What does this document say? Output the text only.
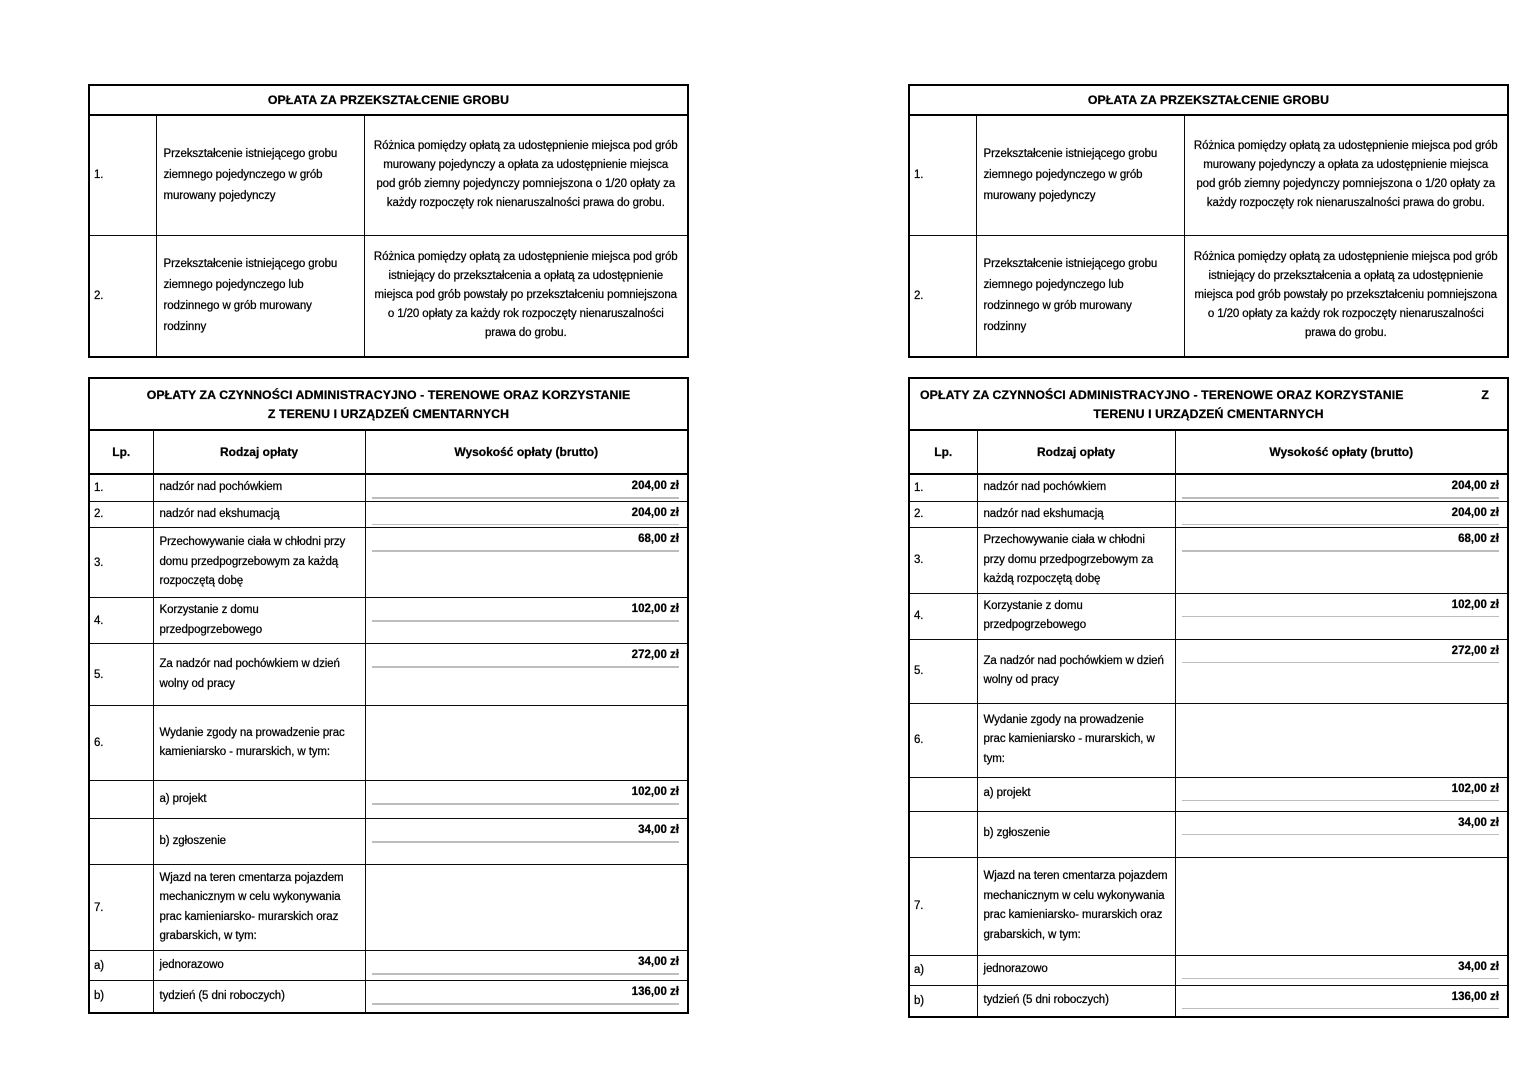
OPŁATA ZA PRZEKSZTAŁCENIE GROBU		
1.	Przekształcenie istniejącego grobu ziemnego pojedynczego w grób murowany pojedynczy	Różnica pomiędzy opłatą za udostępnienie miejsca pod grób murowany pojedynczy a opłata za udostępnienie miejsca pod grób ziemny pojedynczy pomniejszona o 1/20 opłaty za każdy rozpoczęty rok nienaruszalności prawa do grobu.
2.	Przekształcenie istniejącego grobu ziemnego pojedynczego lub rodzinnego w grób murowany rodzinny	Różnica pomiędzy opłatą za udostępnienie miejsca pod grób istniejący do przekształcenia a opłatą za udostępnienie miejsca pod grób powstały po przekształceniu pomniejszona o 1/20 opłaty za każdy rok rozpoczęty nienaruszalności prawa do grobu.
OPŁATY ZA CZYNNOŚCI ADMINISTRACYJNO - TERENOWE ORAZ KORZYSTANIE
Z TERENU I URZĄDZEŃ CMENTARNYCH		

Lp.	Rodzaj opłaty	Wysokość opłaty (brutto)
1.	nadzór nad pochówkiem	204,00 zł
2.	nadzór nad ekshumacją	204,00 zł
3.	Przechowywanie ciała w chłodni przy domu przedpogrzebowym za każdą rozpoczętą dobę	68,00 zł
4.	Korzystanie z domu przedpogrzebowego	102,00 zł
5.	Za nadzór nad pochówkiem w dzień wolny od pracy	272,00 zł
6.	Wydanie zgody na prowadzenie prac kamieniarsko - murarskich, w tym:	
	a) projekt	102,00 zł
	b) zgłoszenie	34,00 zł
7.	Wjazd na teren cmentarza pojazdem mechanicznym w celu wykonywania prac kamieniarsko- murarskich oraz grabarskich, w tym:	
a)	jednorazowo	34,00 zł
b)	tydzień (5 dni roboczych)	136,00 zł
OPŁATA ZA PRZEKSZTAŁCENIE GROBU		
1.	Przekształcenie istniejącego grobu ziemnego pojedynczego w grób murowany pojedynczy	Różnica pomiędzy opłatą za udostępnienie miejsca pod grób murowany pojedynczy a opłata za udostępnienie miejsca pod grób ziemny pojedynczy pomniejszona o 1/20 opłaty za każdy rozpoczęty rok nienaruszalności prawa do grobu.
2.	Przekształcenie istniejącego grobu ziemnego pojedynczego lub rodzinnego w grób murowany rodzinny	Różnica pomiędzy opłatą za udostępnienie miejsca pod grób istniejący do przekształcenia a opłatą za udostępnienie miejsca pod grób powstały po przekształceniu pomniejszona o 1/20 opłaty za każdy rok rozpoczęty nienaruszalności prawa do grobu.
OPŁATY ZA CZYNNOŚCI ADMINISTRACYJNO - TERENOWE ORAZ KORZYSTANIE Z
TERENU I URZĄDZEŃ CMENTARNYCH		

Lp.	Rodzaj opłaty	Wysokość opłaty (brutto)
1.	nadzór nad pochówkiem	204,00 zł
2.	nadzór nad ekshumacją	204,00 zł
3.	Przechowywanie ciała w chłodni przy domu przedpogrzebowym za każdą rozpoczętą dobę	68,00 zł
4.	Korzystanie z domu przedpogrzebowego	102,00 zł
5.	Za nadzór nad pochówkiem w dzień wolny od pracy	272,00 zł
6.	Wydanie zgody na prowadzenie prac kamieniarsko - murarskich, w tym:	
	a) projekt	102,00 zł
	b) zgłoszenie	34,00 zł
7.	Wjazd na teren cmentarza pojazdem mechanicznym w celu wykonywania prac kamieniarsko- murarskich oraz grabarskich, w tym:	
a)	jednorazowo	34,00 zł
b)	tydzień (5 dni roboczych)	136,00 zł
